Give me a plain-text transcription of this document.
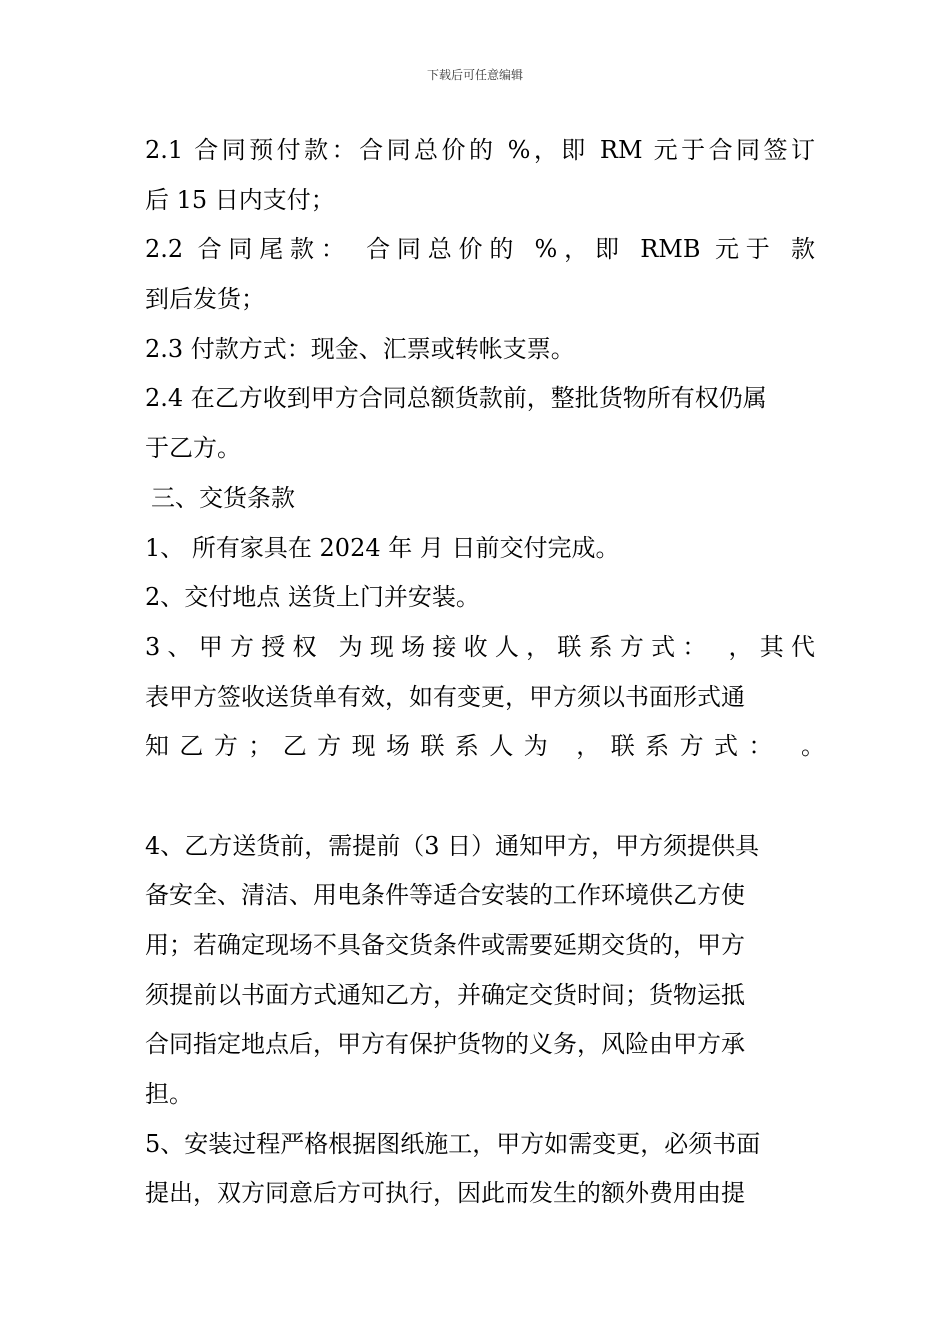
下载后可任意编辑
2.1 合同预付款：合同总价的 %，即 RM 元于合同签订
后 15 日内支付；
2.2 合同尾款： 合同总价的 %，即 RMB 元于 款
到后发货；
2.3 付款方式：现金、汇票或转帐支票。
2.4 在乙方收到甲方合同总额货款前，整批货物所有权仍属
于乙方。
三、交货条款
1、 所有家具在 2024 年 月 日前交付完成。
2、交付地点 送货上门并安装。
3、甲方授权 为现场接收人，联系方式： ，其代
表甲方签收送货单有效，如有变更，甲方须以书面形式通
知乙方；乙方现场联系人为 ，联系方式： 。
4、乙方送货前，需提前（3 日）通知甲方，甲方须提供具
备安全、清洁、用电条件等适合安装的工作环境供乙方使
用；若确定现场不具备交货条件或需要延期交货的，甲方
须提前以书面方式通知乙方，并确定交货时间；货物运抵
合同指定地点后，甲方有保护货物的义务，风险由甲方承
担。
5、安装过程严格根据图纸施工，甲方如需变更，必须书面
提出，双方同意后方可执行，因此而发生的额外费用由提
